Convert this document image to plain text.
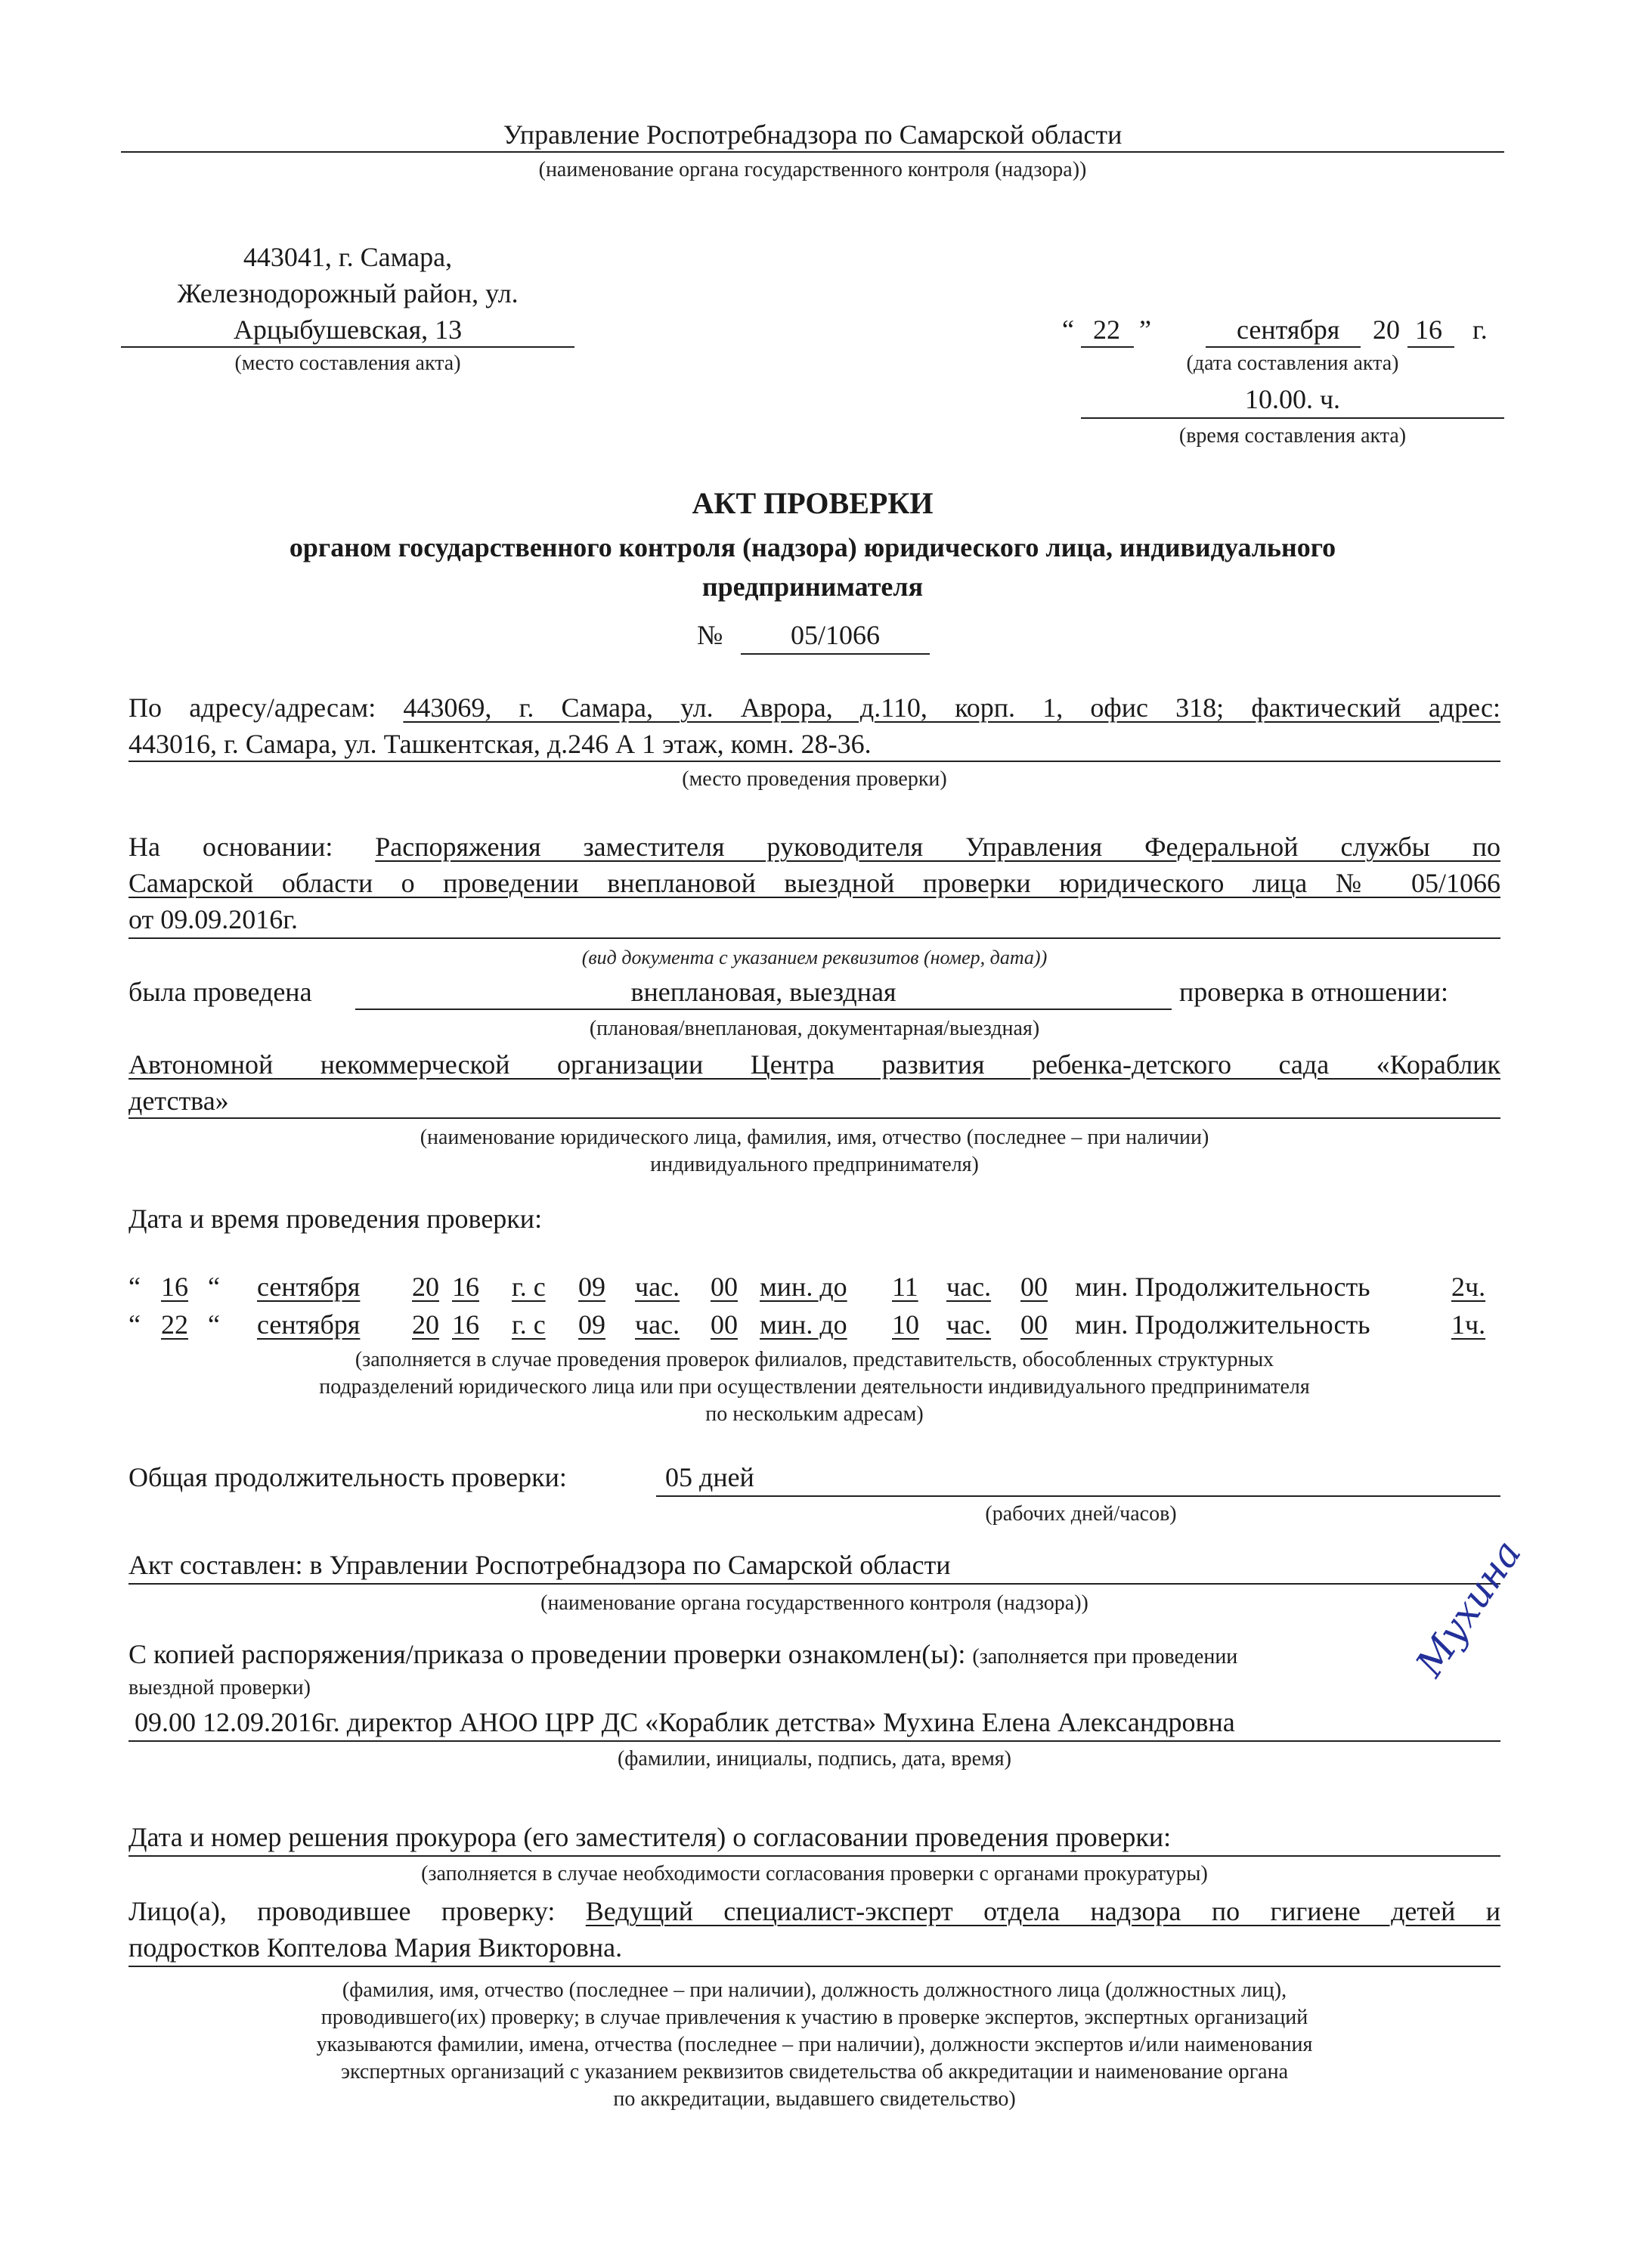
Управление Роспотребнадзора по Самарской области
(наименование органа государственного контроля (надзора))
443041, г. Самара,
Железнодорожный район, ул.
Арцыбушевская, 13
(место составления акта)
“ 22 ”	сентября 20 16 г.
(дата составления акта)
10.00. ч.
(время составления акта)
АКТ ПРОВЕРКИ
органом государственного контроля (надзора) юридического лица, индивидуального
предпринимателя
№	05/1066
По адресу/адресам: 443069, г. Самара, ул. Аврора, д.110, корп. 1, офис 318; фактический адрес:
443016, г. Самара, ул. Ташкентская, д.246 А 1 этаж, комн. 28-36.
(место проведения проверки)
На основании: Распоряжения заместителя руководителя Управления Федеральной службы по
Самарской области о проведении внеплановой выездной проверки юридического лица № 05/1066
от 09.09.2016г.
(вид документа с указанием реквизитов (номер, дата))
была проведена	внеплановая, выездная	проверка в отношении:
(плановая/внеплановая, документарная/выездная)
Автономной некоммерческой организации Центра развития ребенка-детского сада «Кораблик
детства»
(наименование юридического лица, фамилия, имя, отчество (последнее – при наличии)
индивидуального предпринимателя)
Дата и время проведения проверки:
“ 16 “ сентября 20 16 г. с 09 час. 00 мин. до 11 час. 00 мин. Продолжительность	2ч.
“ 22 “ сентября 20 16 г. с 09 час. 00 мин. до 10 час. 00 мин. Продолжительность	1ч.
(заполняется в случае проведения проверок филиалов, представительств, обособленных структурных
подразделений юридического лица или при осуществлении деятельности индивидуального предпринимателя
по нескольким адресам)
Общая продолжительность проверки:	05 дней
(рабочих дней/часов)
Акт составлен: в Управлении Роспотребнадзора по Самарской области
(наименование органа государственного контроля (надзора))
С копией распоряжения/приказа о проведении проверки ознакомлен(ы): (заполняется при проведении
выездной проверки)
09.00 12.09.2016г. директор АНОО ЦРР ДС «Кораблик детства» Мухина Елена Александровна
Мухина
(фамилии, инициалы, подпись, дата, время)
Дата и номер решения прокурора (его заместителя) о согласовании проведения проверки:
(заполняется в случае необходимости согласования проверки с органами прокуратуры)
Лицо(а), проводившее проверку: Ведущий специалист-эксперт отдела надзора по гигиене детей и
подростков Коптелова Мария Викторовна.
(фамилия, имя, отчество (последнее – при наличии), должность должностного лица (должностных лиц),
проводившего(их) проверку; в случае привлечения к участию в проверке экспертов, экспертных организаций
указываются фамилии, имена, отчества (последнее – при наличии), должности экспертов и/или наименования
экспертных организаций с указанием реквизитов свидетельства об аккредитации и наименование органа
по аккредитации, выдавшего свидетельство)
